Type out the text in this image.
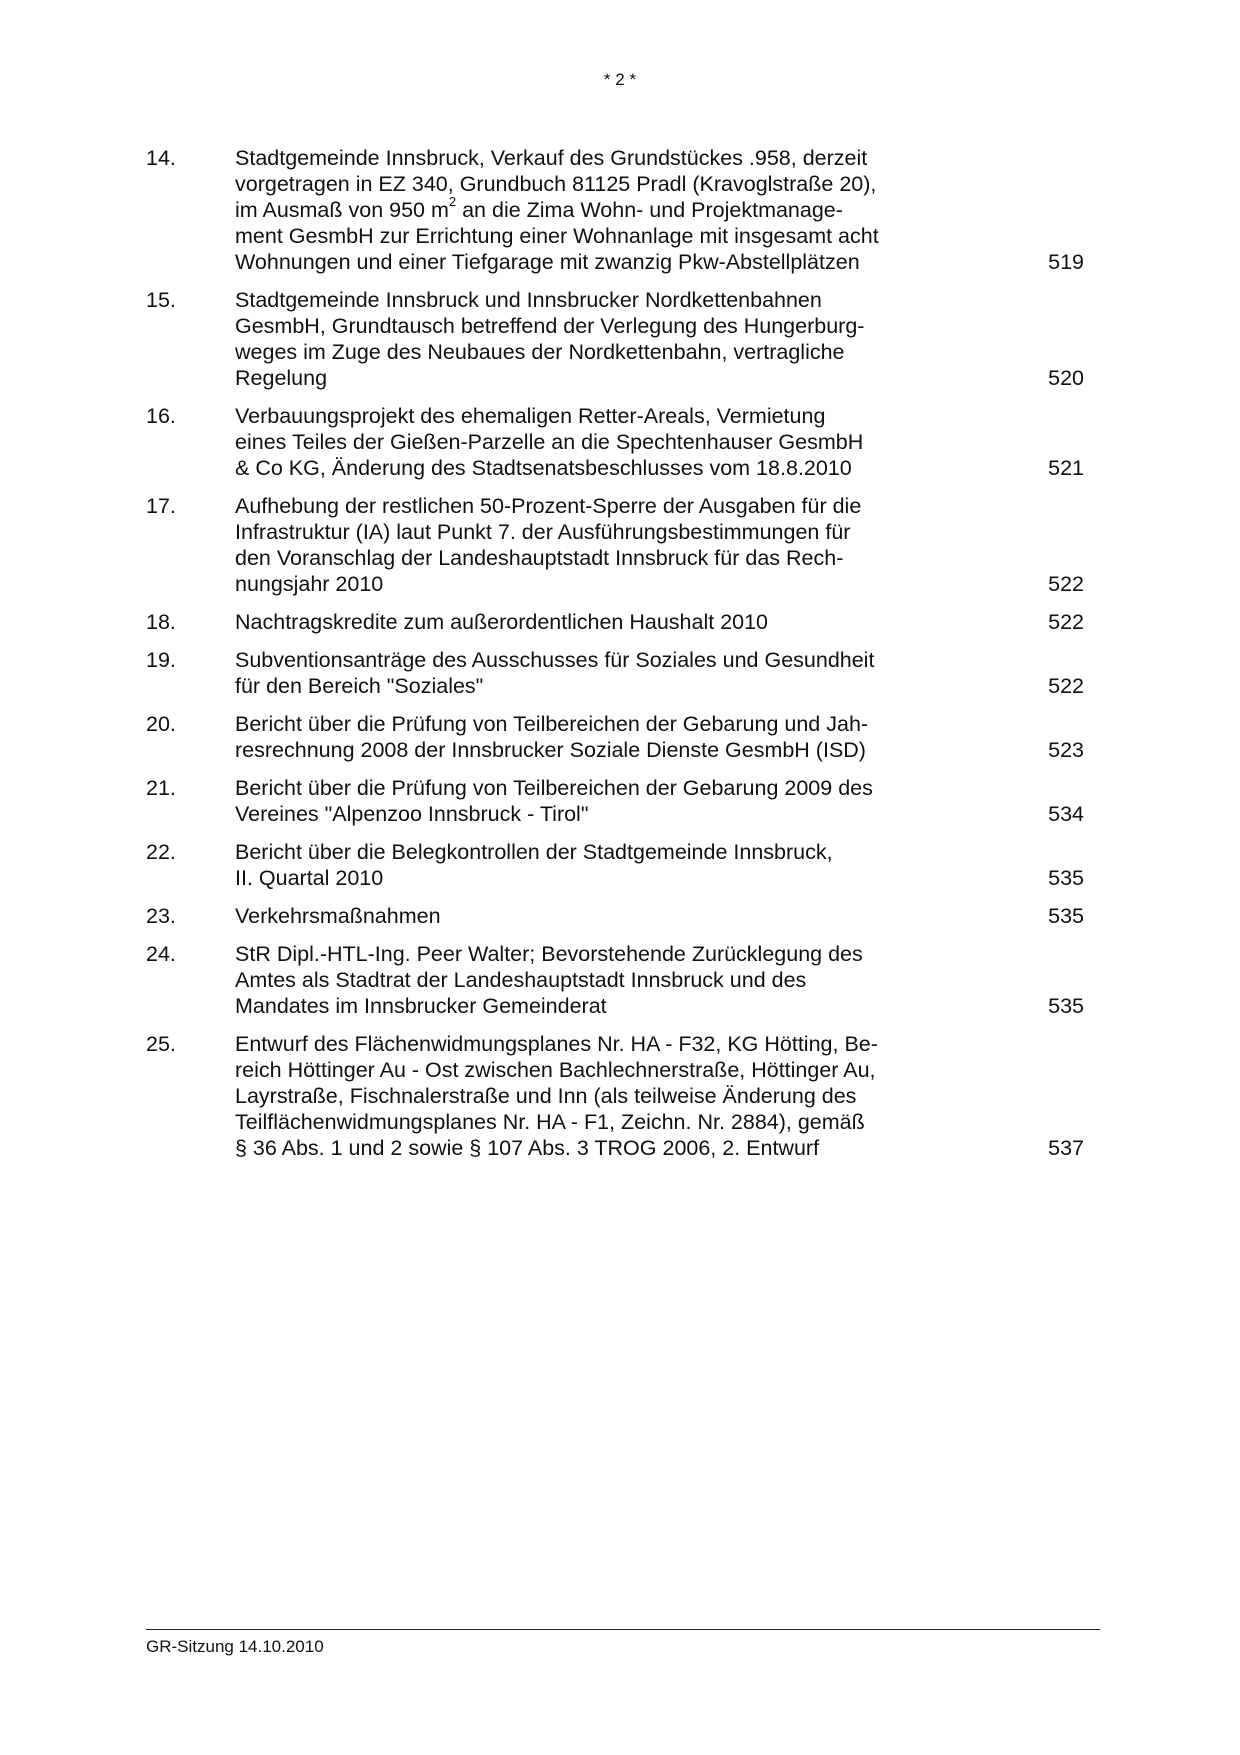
* 2 *
14.	Stadtgemeinde Innsbruck, Verkauf des Grundstückes .958, derzeit
vorgetragen in EZ 340, Grundbuch 81125 Pradl (Kravoglstraße 20),
im Ausmaß von 950 $m^2$ an die Zima Wohn- und Projektmanage-
ment GesmbH zur Errichtung einer Wohnanlage mit insgesamt acht
Wohnungen und einer Tiefgarage mit zwanzig Pkw-Abstellplätzen	519
15.	Stadtgemeinde Innsbruck und Innsbrucker Nordkettenbahnen
GesmbH, Grundtausch betreffend der Verlegung des Hungerburg-
weges im Zuge des Neubaues der Nordkettenbahn, vertragliche
Regelung	520
16.	Verbauungsprojekt des ehemaligen Retter-Areals, Vermietung
eines Teiles der Gießen-Parzelle an die Spechtenhauser GesmbH
& Co KG, Änderung des Stadtsenatsbeschlusses vom 18.8.2010	521
17.	Aufhebung der restlichen 50-Prozent-Sperre der Ausgaben für die
Infrastruktur (IA) laut Punkt 7. der Ausführungsbestimmungen für
den Voranschlag der Landeshauptstadt Innsbruck für das Rech-
nungsjahr 2010	522
18.	Nachtragskredite zum außerordentlichen Haushalt 2010	522
19.	Subventionsanträge des Ausschusses für Soziales und Gesundheit
für den Bereich "Soziales"	522
20.	Bericht über die Prüfung von Teilbereichen der Gebarung und Jah-
resrechnung 2008 der Innsbrucker Soziale Dienste GesmbH (ISD)	523
21.	Bericht über die Prüfung von Teilbereichen der Gebarung 2009 des
Vereines "Alpenzoo Innsbruck - Tirol"	534
22.	Bericht über die Belegkontrollen der Stadtgemeinde Innsbruck,
II. Quartal 2010	535
23.	Verkehrsmaßnahmen	535
24.	StR Dipl.-HTL-Ing. Peer Walter; Bevorstehende Zurücklegung des
Amtes als Stadtrat der Landeshauptstadt Innsbruck und des
Mandates im Innsbrucker Gemeinderat	535
25.	Entwurf des Flächenwidmungsplanes Nr. HA - F32, KG Hötting, Be-
reich Höttinger Au - Ost zwischen Bachlechnerstraße, Höttinger Au,
Layrstraße, Fischnalerstraße und Inn (als teilweise Änderung des
Teilflächenwidmungsplanes Nr. HA - F1, Zeichn. Nr. 2884), gemäß
§ 36 Abs. 1 und 2 sowie § 107 Abs. 3 TROG 2006, 2. Entwurf	537
GR-Sitzung 14.10.2010
